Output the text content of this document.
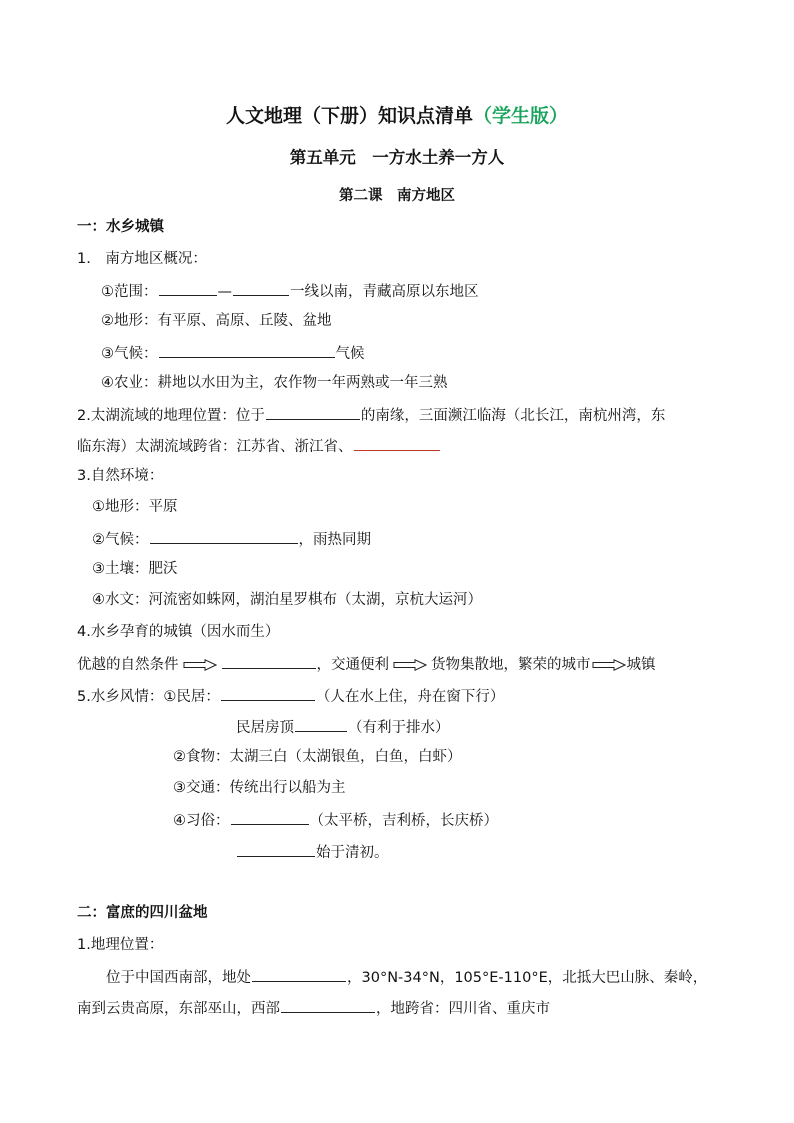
人文地理（下册）知识点清单（学生版）
第五单元　一方水土养一方人
第二课　南方地区
一：水乡城镇
1.　南方地区概况：
①范围：	—	一线以南，青藏高原以东地区
②地形：有平原、高原、丘陵、盆地
③气候：	气候
④农业：耕地以水田为主，农作物一年两熟或一年三熟
2.太湖流域的地理位置：位于	的南缘，三面濒江临海（北长江，南杭州湾，东
临东海）太湖流域跨省：江苏省、浙江省、
3.自然环境：
①地形：平原
②气候：	，雨热同期
③土壤：肥沃
④水文：河流密如蛛网，湖泊星罗棋布（太湖，京杭大运河）
4.水乡孕育的城镇（因水而生）
优越的自然条件	，交通便利	货物集散地，繁荣的城市 城镇
5.水乡风情：①民居：	（人在水上住，舟在窗下行）
民居房顶	（有利于排水）
②食物：太湖三白（太湖银鱼，白鱼，白虾）
③交通：传统出行以船为主
④习俗：	（太平桥，吉利桥，长庆桥）
始于清初。
二：富庶的四川盆地
1.地理位置：
位于中国西南部，地处	，30°N-34°N，105°E-110°E，北抵大巴山脉、秦岭，
南到云贵高原，东部巫山，西部	，地跨省：四川省、重庆市
